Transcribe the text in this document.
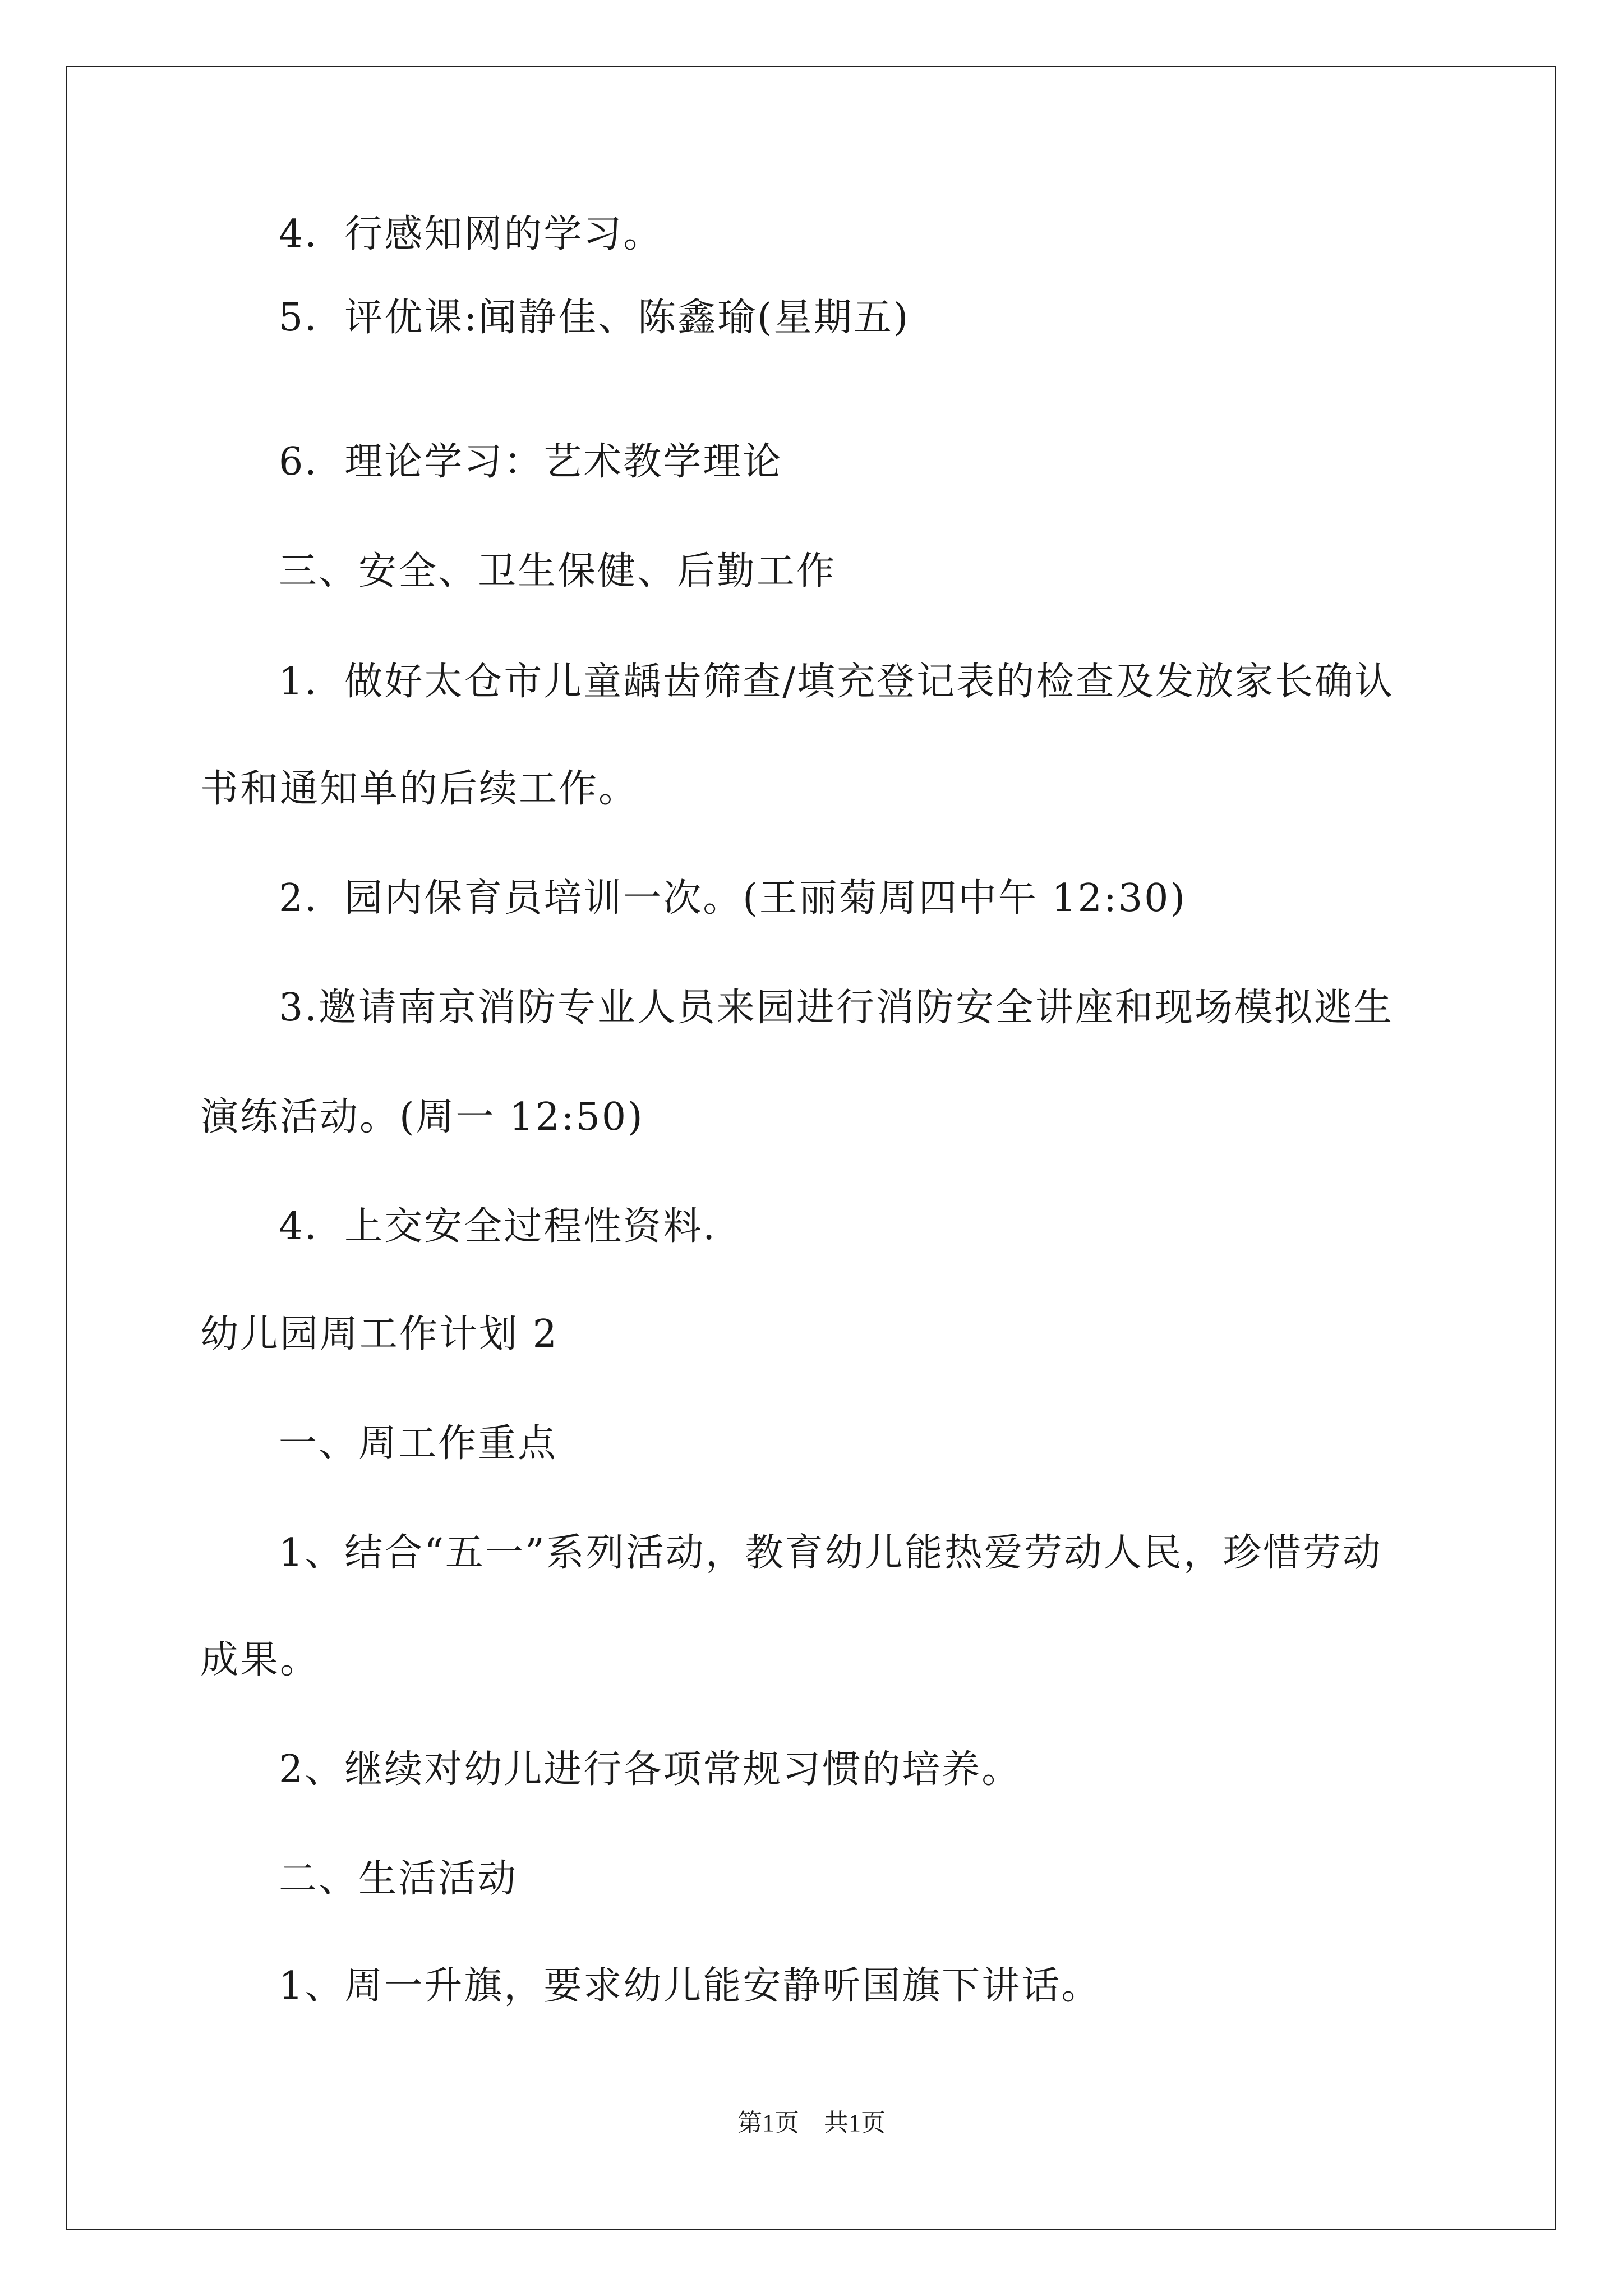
4．行感知网的学习。
5．评优课:闻静佳、陈鑫瑜(星期五)
6．理论学习：艺术教学理论
三、安全、卫生保健、后勤工作
1．做好太仓市儿童龋齿筛查/填充登记表的检查及发放家长确认
书和通知单的后续工作。
2．园内保育员培训一次。(王丽菊周四中午 12:30)
3.邀请南京消防专业人员来园进行消防安全讲座和现场模拟逃生
演练活动。(周一 12:50)
4．上交安全过程性资料.
幼儿园周工作计划 2
一、周工作重点
1、结合“五一”系列活动，教育幼儿能热爱劳动人民，珍惜劳动
成果。
2、继续对幼儿进行各项常规习惯的培养。
二、生活活动
1、周一升旗，要求幼儿能安静听国旗下讲话。
第1页　共1页
